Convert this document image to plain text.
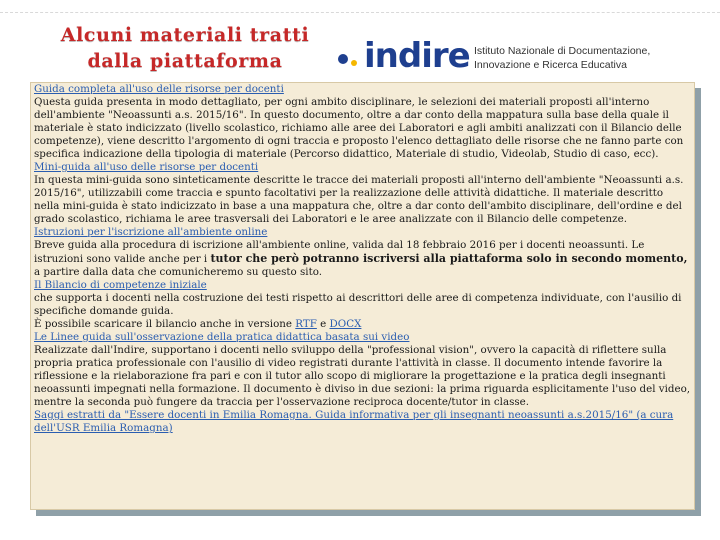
Alcuni materiali tratti dalla piattaforma	indire Istituto Nazionale di Documentazione,
Innovazione e Ricerca Educativa
Guida completa all'uso delle risorse per docenti

Questa guida presenta in modo dettagliato, per ogni ambito disciplinare, le selezioni dei materiali proposti all'interno dell'ambiente "Neoassunti a.s. 2015/16". In questo documento, oltre a dar conto della mappatura sulla base della quale il materiale è stato indicizzato (livello scolastico, richiamo alle aree dei Laboratori e agli ambiti analizzati con il Bilancio delle competenze), viene descritto l'argomento di ogni traccia e proposto l'elenco dettagliato delle risorse che ne fanno parte con specifica indicazione della tipologia di materiale (Percorso didattico, Materiale di studio, Videolab, Studio di caso, ecc).

Mini-guida all'uso delle risorse per docenti

In questa mini-guida sono sinteticamente descritte le tracce dei materiali proposti all'interno dell'ambiente "Neoassunti a.s. 2015/16", utilizzabili come traccia e spunto facoltativi per la realizzazione delle attività didattiche. Il materiale descritto nella mini-guida è stato indicizzato in base a una mappatura che, oltre a dar conto dell'ambito disciplinare, dell'ordine e del grado scolastico, richiama le aree trasversali dei Laboratori e le aree analizzate con il Bilancio delle competenze.

Istruzioni per l'iscrizione all'ambiente online

Breve guida alla procedura di iscrizione all'ambiente online, valida dal 18 febbraio 2016 per i docenti neoassunti. Le istruzioni sono valide anche per i tutor che però potranno iscriversi alla piattaforma solo in secondo momento, a partire dalla data che comunicheremo su questo sito.

Il Bilancio di competenze iniziale

che supporta i docenti nella costruzione dei testi rispetto ai descrittori delle aree di competenza individuate, con l'ausilio di specifiche domande guida.

È possibile scaricare il bilancio anche in versione RTF e DOCX

Le Linee guida sull'osservazione della pratica didattica basata sui video

Realizzate dall'Indire, supportano i docenti nello sviluppo della "professional vision", ovvero la capacità di riflettere sulla propria pratica professionale con l'ausilio di video registrati durante l'attività in classe. Il documento intende favorire la riflessione e la rielaborazione fra pari e con il tutor allo scopo di migliorare la progettazione e la pratica degli insegnanti neoassunti impegnati nella formazione. Il documento è diviso in due sezioni: la prima riguarda esplicitamente l'uso del video, mentre la seconda può fungere da traccia per l'osservazione reciproca docente/tutor in classe.

Saggi estratti da "Essere docenti in Emilia Romagna. Guida informativa per gli insegnanti neoassunti a.s.2015/16" (a cura dell'USR Emilia Romagna)
